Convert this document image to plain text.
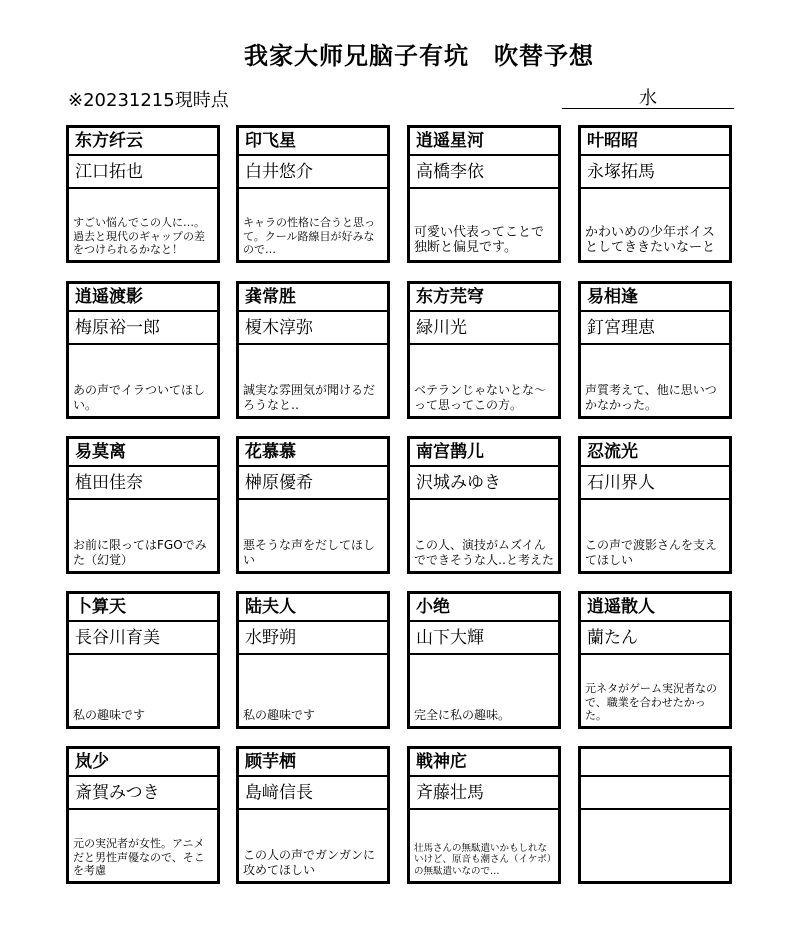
我家大师兄脑子有坑　吹替予想
※20231215現時点	水
东方纤云
江口拓也
すごい悩んでこの人に…。過去と現代のギャップの差をつけられるかなと！
印飞星
白井悠介
キャラの性格に合うと思って。クール路線目が好みなので…
逍遥星河
高橋李依
可愛い代表ってことで独断と偏見です。
叶昭昭
永塚拓馬
かわいめの少年ボイスとしてききたいなーと
逍遥渡影
梅原裕一郎
あの声でイラついてほしい。
龚常胜
榎木淳弥
誠実な雰囲気が聞けるだろうなと‥
东方芫穹
緑川光
ベテランじゃないとな〜って思ってこの方。
易相逢
釘宮理恵
声質考えて、他に思いつかなかった。
易莫离
植田佳奈
お前に限ってはFGOでみた（幻覚）
花慕慕
榊原優希
悪そうな声をだしてほしい
南宫鹊儿
沢城みゆき
この人、演技がムズイんでできそうな人‥と考えた
忍流光
石川界人
この声で渡影さんを支えてほしい
卜算天
長谷川育美
私の趣味です
陆夫人
水野朔
私の趣味です
小绝
山下大輝
完全に私の趣味。
逍遥散人
蘭たん
元ネタがゲーム実況者なので、職業を合わせたかった。
岚少
斎賀みつき
元の実況者が女性。アニメだと男性声優なので、そこを考慮
顾芋栖
島﨑信長
この人の声でガンガンに攻めてほしい
戦神庀
斉藤壮馬
壮馬さんの無駄遣いかもしれないけど、原音も潮さん（イケボ）の無駄遣いなので…
